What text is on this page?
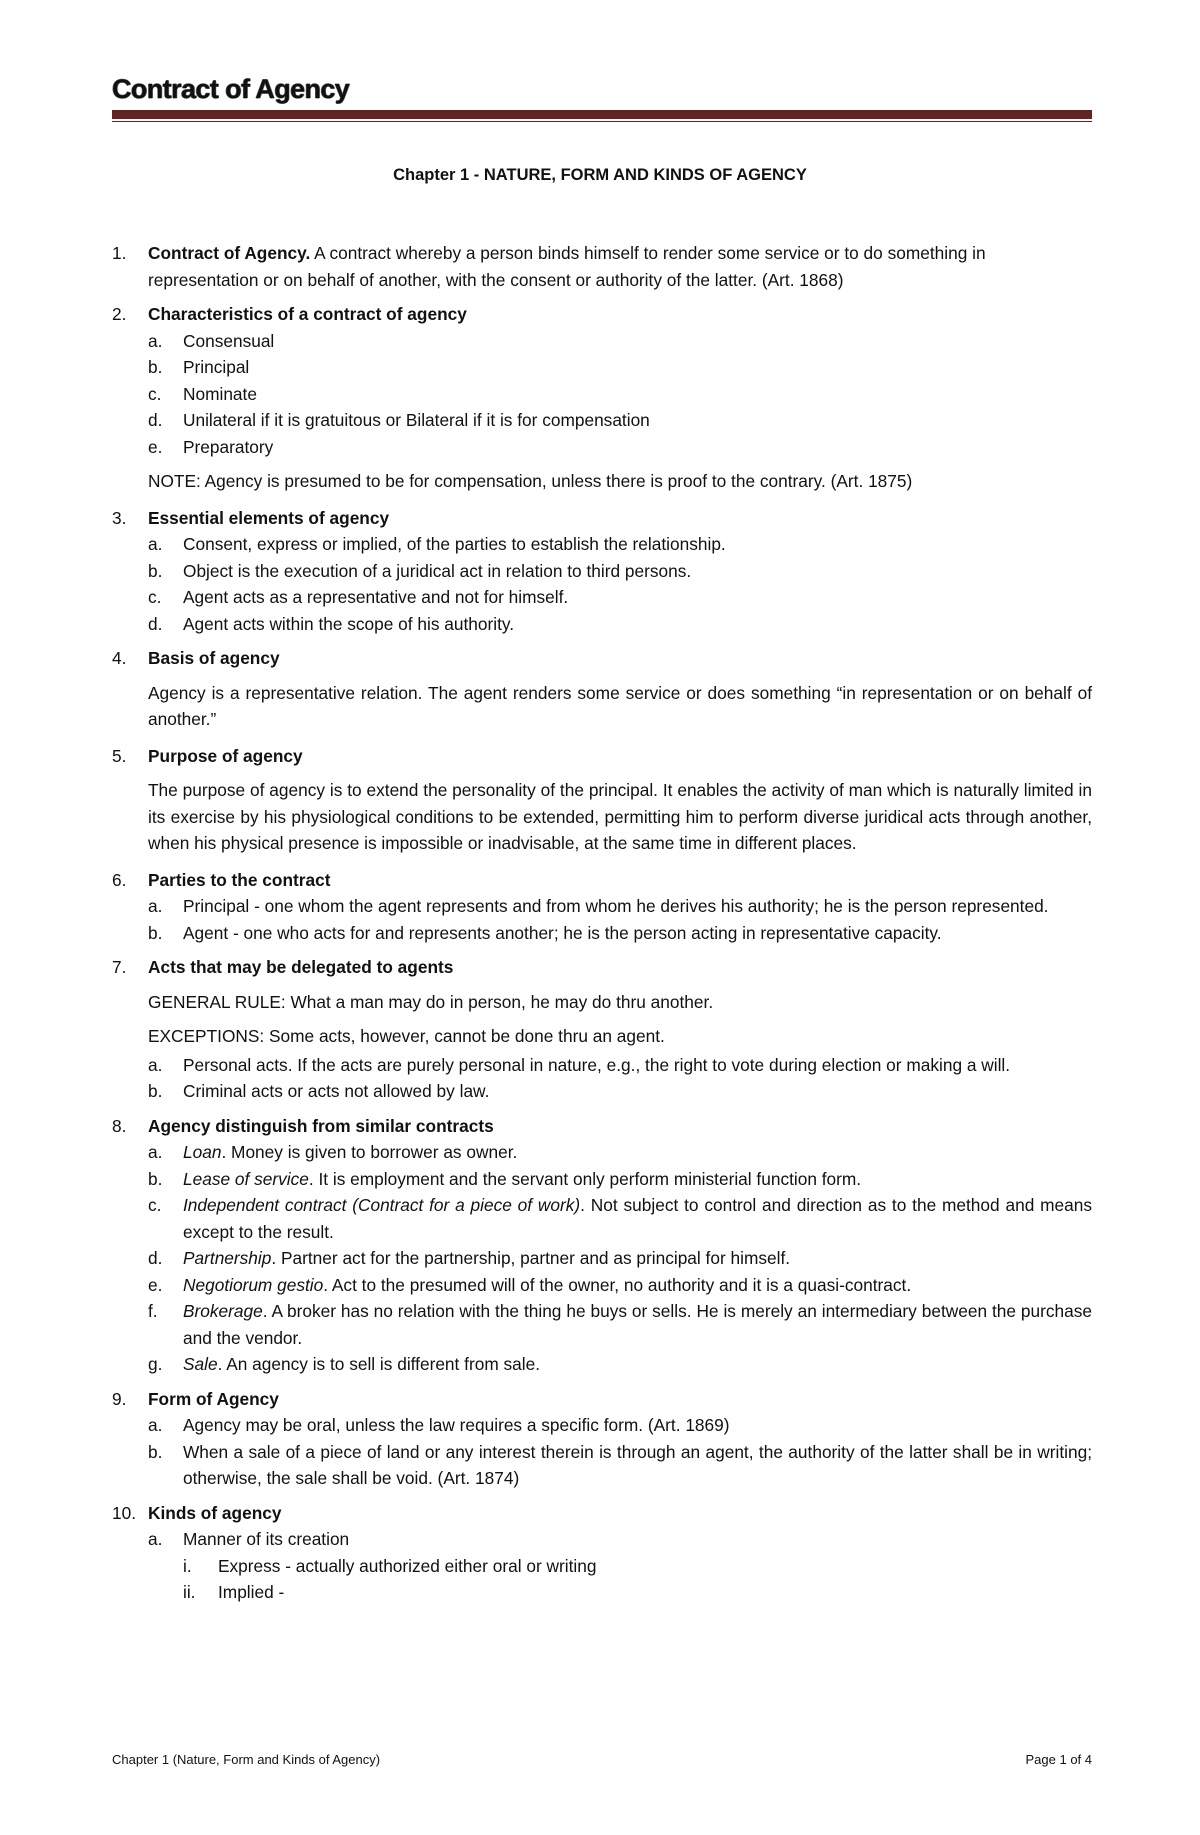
Contract of Agency
Chapter 1 - NATURE, FORM AND KINDS OF AGENCY
1.	Contract of Agency. A contract whereby a person binds himself to render some service or to do something in representation or on behalf of another, with the consent or authority of the latter. (Art. 1868)
2.	Characteristics of a contract of agency
a.	Consensual
b.	Principal
c.	Nominate
d.	Unilateral if it is gratuitous or Bilateral if it is for compensation
e.	Preparatory
NOTE: Agency is presumed to be for compensation, unless there is proof to the contrary. (Art. 1875)
3.	Essential elements of agency
a.	Consent, express or implied, of the parties to establish the relationship.
b.	Object is the execution of a juridical act in relation to third persons.
c.	Agent acts as a representative and not for himself.
d.	Agent acts within the scope of his authority.
4.	Basis of agency
Agency is a representative relation. The agent renders some service or does something “in representation or on behalf of another.”
5.	Purpose of agency
The purpose of agency is to extend the personality of the principal. It enables the activity of man which is naturally limited in its exercise by his physiological conditions to be extended, permitting him to perform diverse juridical acts through another, when his physical presence is impossible or inadvisable, at the same time in different places.
6.	Parties to the contract
a.	Principal - one whom the agent represents and from whom he derives his authority; he is the person represented.
b.	Agent - one who acts for and represents another; he is the person acting in representative capacity.
7.	Acts that may be delegated to agents
GENERAL RULE: What a man may do in person, he may do thru another.
EXCEPTIONS: Some acts, however, cannot be done thru an agent.
a.	Personal acts. If the acts are purely personal in nature, e.g., the right to vote during election or making a will.
b.	Criminal acts or acts not allowed by law.
8.	Agency distinguish from similar contracts
a.	Loan. Money is given to borrower as owner.
b.	Lease of service. It is employment and the servant only perform ministerial function form.
c.	Independent contract (Contract for a piece of work). Not subject to control and direction as to the method and means except to the result.
d.	Partnership. Partner act for the partnership, partner and as principal for himself.
e.	Negotiorum gestio. Act to the presumed will of the owner, no authority and it is a quasi-contract.
f.	Brokerage. A broker has no relation with the thing he buys or sells. He is merely an intermediary between the purchase and the vendor.
g.	Sale. An agency is to sell is different from sale.
9.	Form of Agency
a.	Agency may be oral, unless the law requires a specific form. (Art. 1869)
b.	When a sale of a piece of land or any interest therein is through an agent, the authority of the latter shall be in writing; otherwise, the sale shall be void. (Art. 1874)
10. Kinds of agency
a.	Manner of its creation
i.	Express - actually authorized either oral or writing
ii.	Implied -
Chapter 1 (Nature, Form and Kinds of Agency)	Page 1 of 4
